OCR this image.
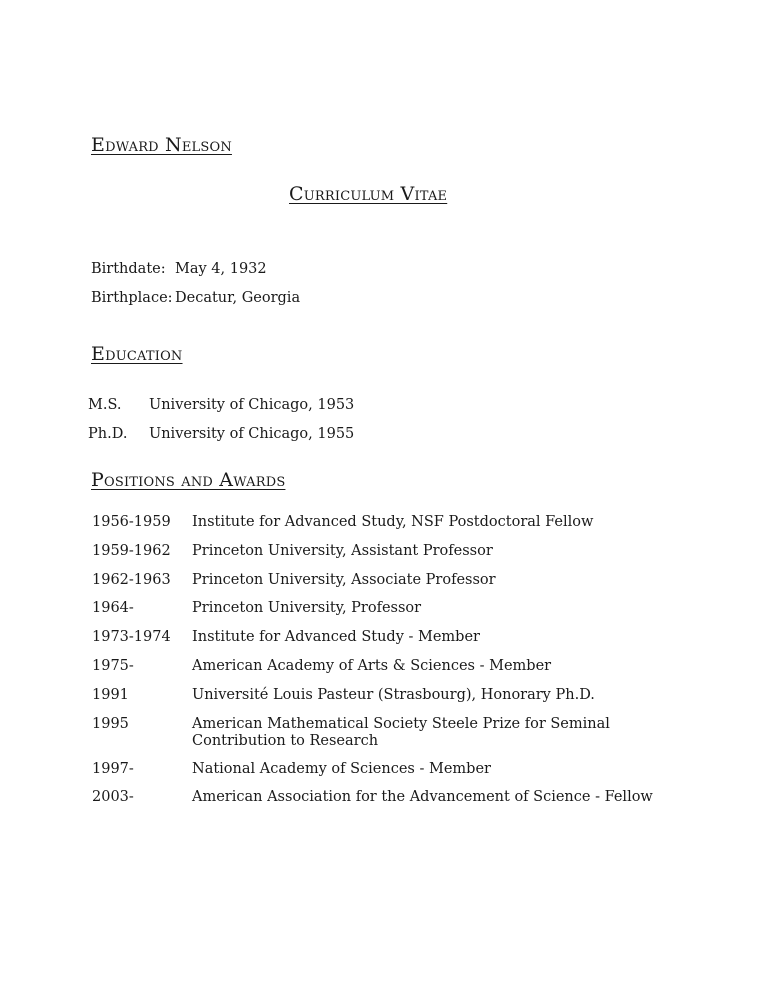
Edward Nelson
Curriculum Vitae
Birthdate: May 4, 1932
Birthplace: Decatur, Georgia
Education
M.S. University of Chicago, 1953
Ph.D. University of Chicago, 1955
Positions and Awards
1956-1959 Institute for Advanced Study, NSF Postdoctoral Fellow
1959-1962 Princeton University, Assistant Professor
1962-1963 Princeton University, Associate Professor
1964-	Princeton University, Professor
1973-1974 Institute for Advanced Study - Member
1975-	American Academy of Arts & Sciences - Member
1991	Université Louis Pasteur (Strasbourg), Honorary Ph.D.
1995	American Mathematical Society Steele Prize for Seminal Contribution to Research
1997-	National Academy of Sciences - Member
2003-	American Association for the Advancement of Science - Fellow
